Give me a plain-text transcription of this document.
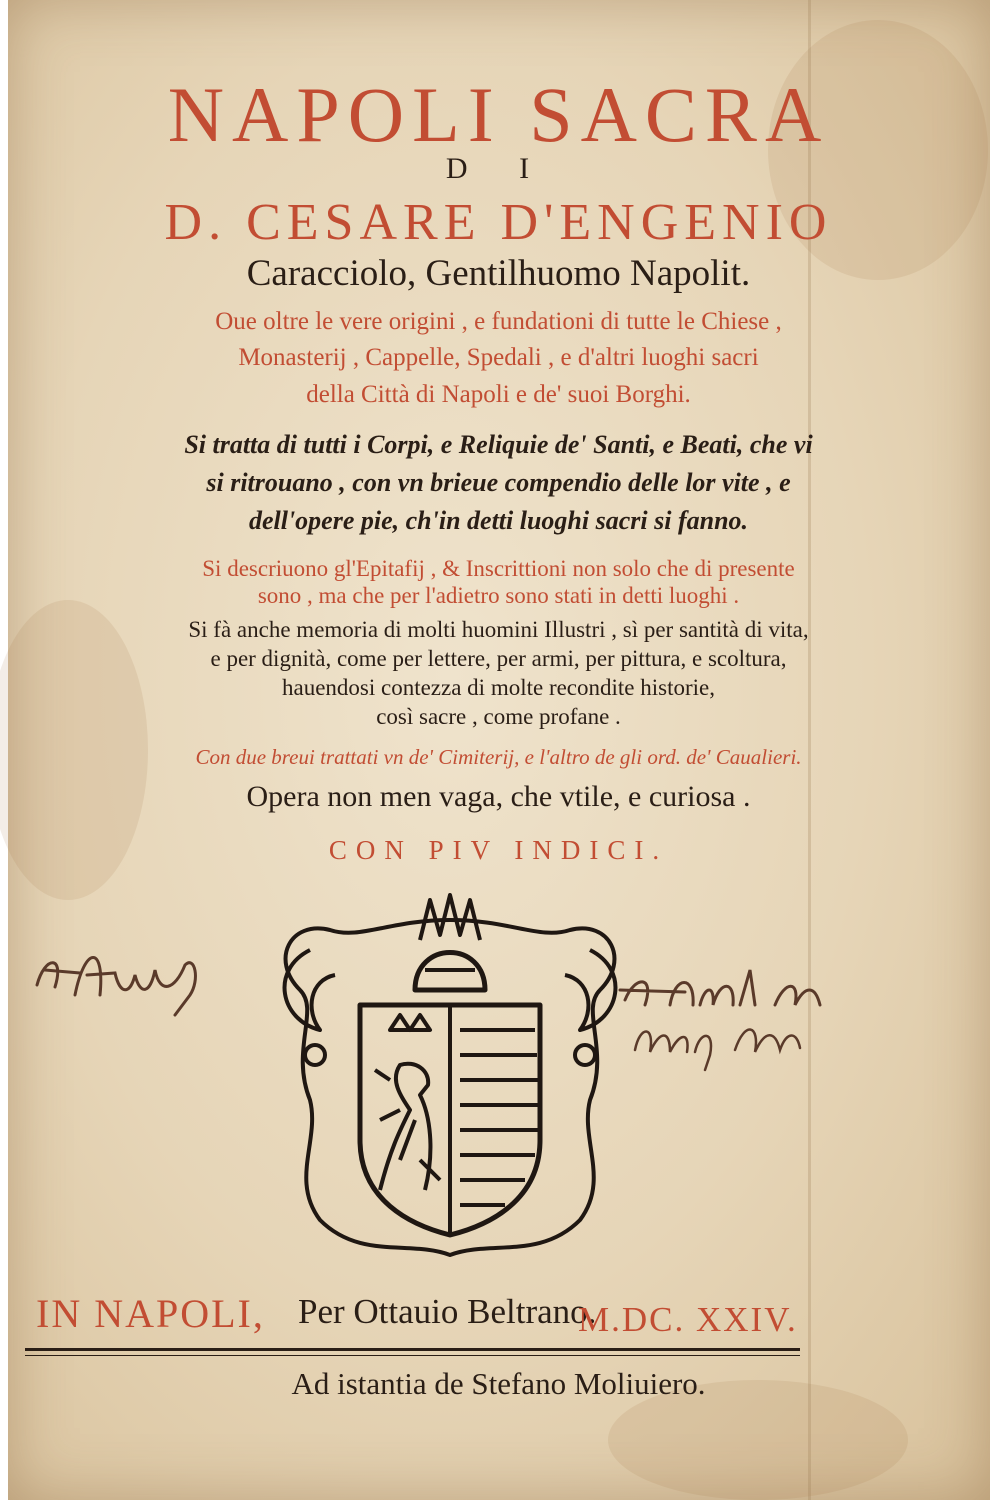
NAPOLI SACRA
D I
D. CESARE D'ENGENIO
Caracciolo, Gentilhuomo Napolit.
Oue oltre le vere origini , e fundationi di tutte le Chiese ,
Monasterij , Cappelle, Spedali , e d'altri luoghi sacri
della Città di Napoli e de' suoi Borghi.
Si tratta di tutti i Corpi, e Reliquie de' Santi, e Beati, che vi
si ritrouano , con vn brieue compendio delle lor vite , e
dell'opere pie, ch'in detti luoghi sacri si fanno.
Si descriuono gl'Epitafij , & Inscrittioni non solo che di presente
sono , ma che per l'adietro sono stati in detti luoghi .
Si fà anche memoria di molti huomini Illustri , sì per santità di vita,
e per dignità, come per lettere, per armi, per pittura, e scoltura,
hauendosi contezza di molte recondite historie,
così sacre , come profane .
Con due breui trattati vn de' Cimiterij, e l'altro de gli ord. de' Caualieri.
Opera non men vaga, che vtile, e curiosa .
CON PIV INDICI.
IN NAPOLI, Per Ottauio Beltrano.
M.DC. XXIV.
Ad istantia de Stefano Moliuiero.
